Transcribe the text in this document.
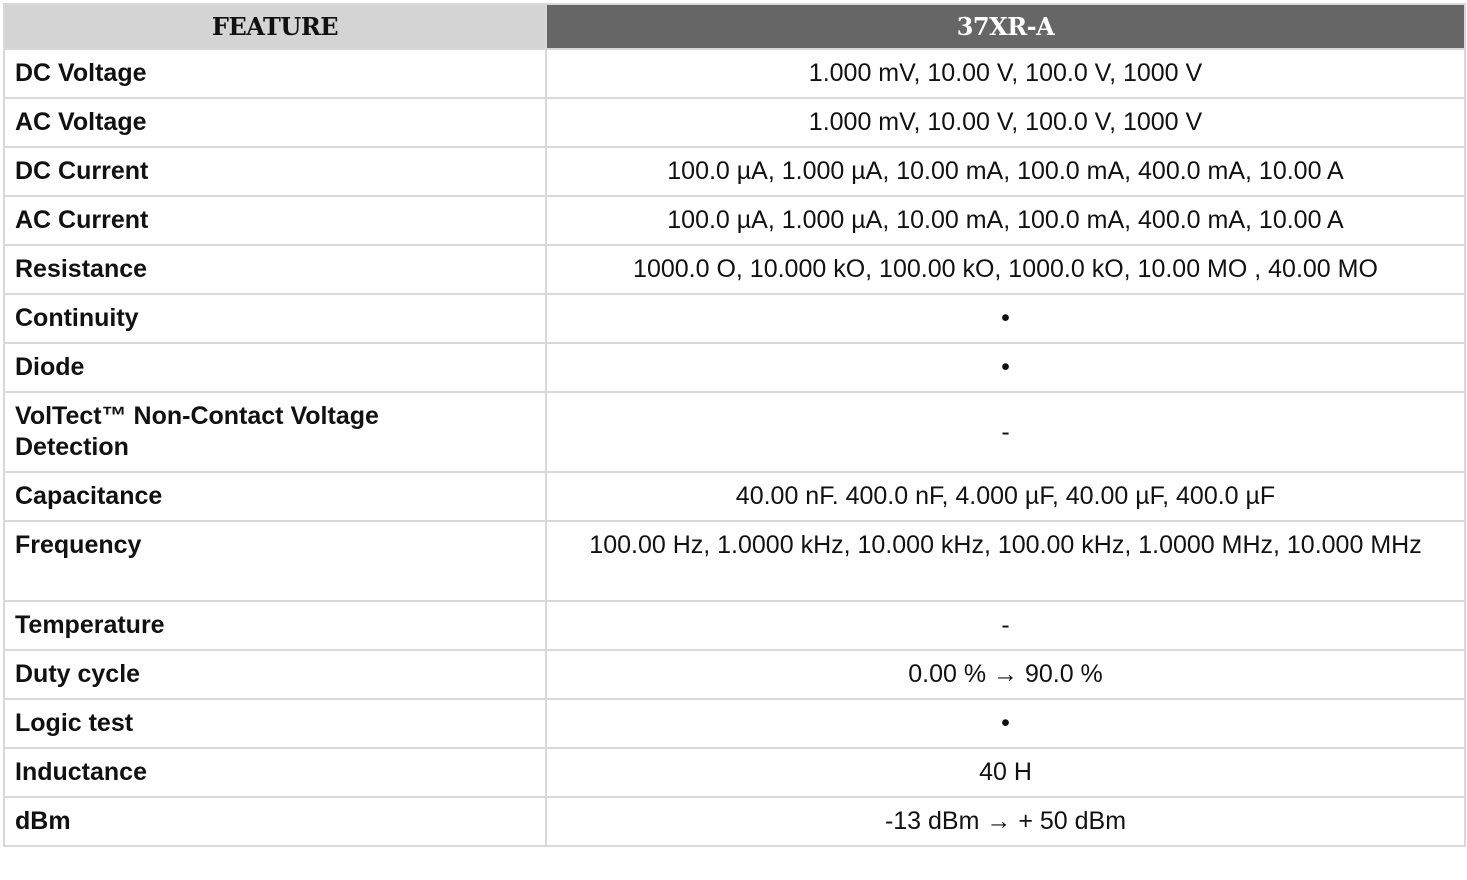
FEATURE	37XR-A
DC Voltage	1.000 mV, 10.00 V, 100.0 V, 1000 V
AC Voltage	1.000 mV, 10.00 V, 100.0 V, 1000 V
DC Current	100.0 µA, 1.000 µA, 10.00 mA, 100.0 mA, 400.0 mA, 10.00 A
AC Current	100.0 µA, 1.000 µA, 10.00 mA, 100.0 mA, 400.0 mA, 10.00 A
Resistance	1000.0 O, 10.000 kO, 100.00 kO, 1000.0 kO, 10.00 MO , 40.00 MO
Continuity	•
Diode	•
VolTect™ Non-Contact Voltage Detection	-
Capacitance	40.00 nF. 400.0 nF, 4.000 µF, 40.00 µF, 400.0 µF
Frequency	100.00 Hz, 1.0000 kHz, 10.000 kHz, 100.00 kHz, 1.0000 MHz, 10.000 MHz
Temperature	-
Duty cycle	0.00 % → 90.0 %
Logic test	•
Inductance	40 H
dBm	-13 dBm → + 50 dBm
